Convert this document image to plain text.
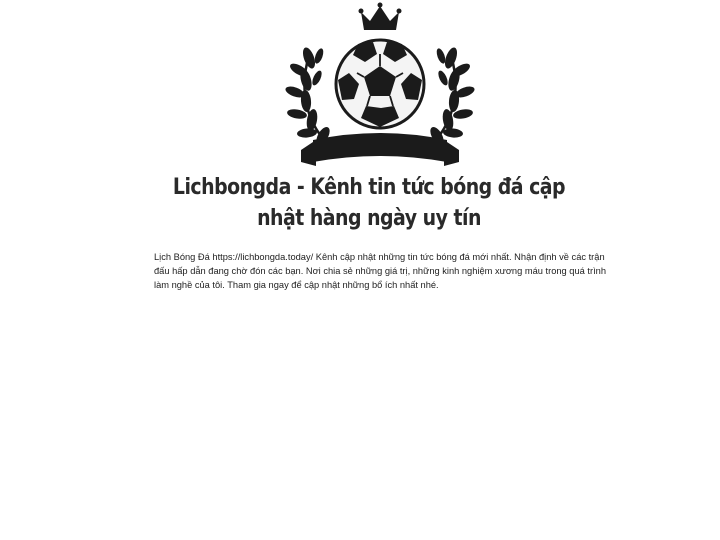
Lichbongda - Kênh tin tức bóng đá cập nhật hàng ngày uy tín

Lịch Bóng Đá https://lichbongda.today/ Kênh cập nhật những tin tức bóng đá mới nhất. Nhận định về các trận đấu hấp dẫn đang chờ đón các bạn. Nơi chia sẻ những giá trị, những kinh nghiệm xương máu trong quá trình làm nghề của tôi. Tham gia ngay để cập nhật những bổ ích nhất nhé.
